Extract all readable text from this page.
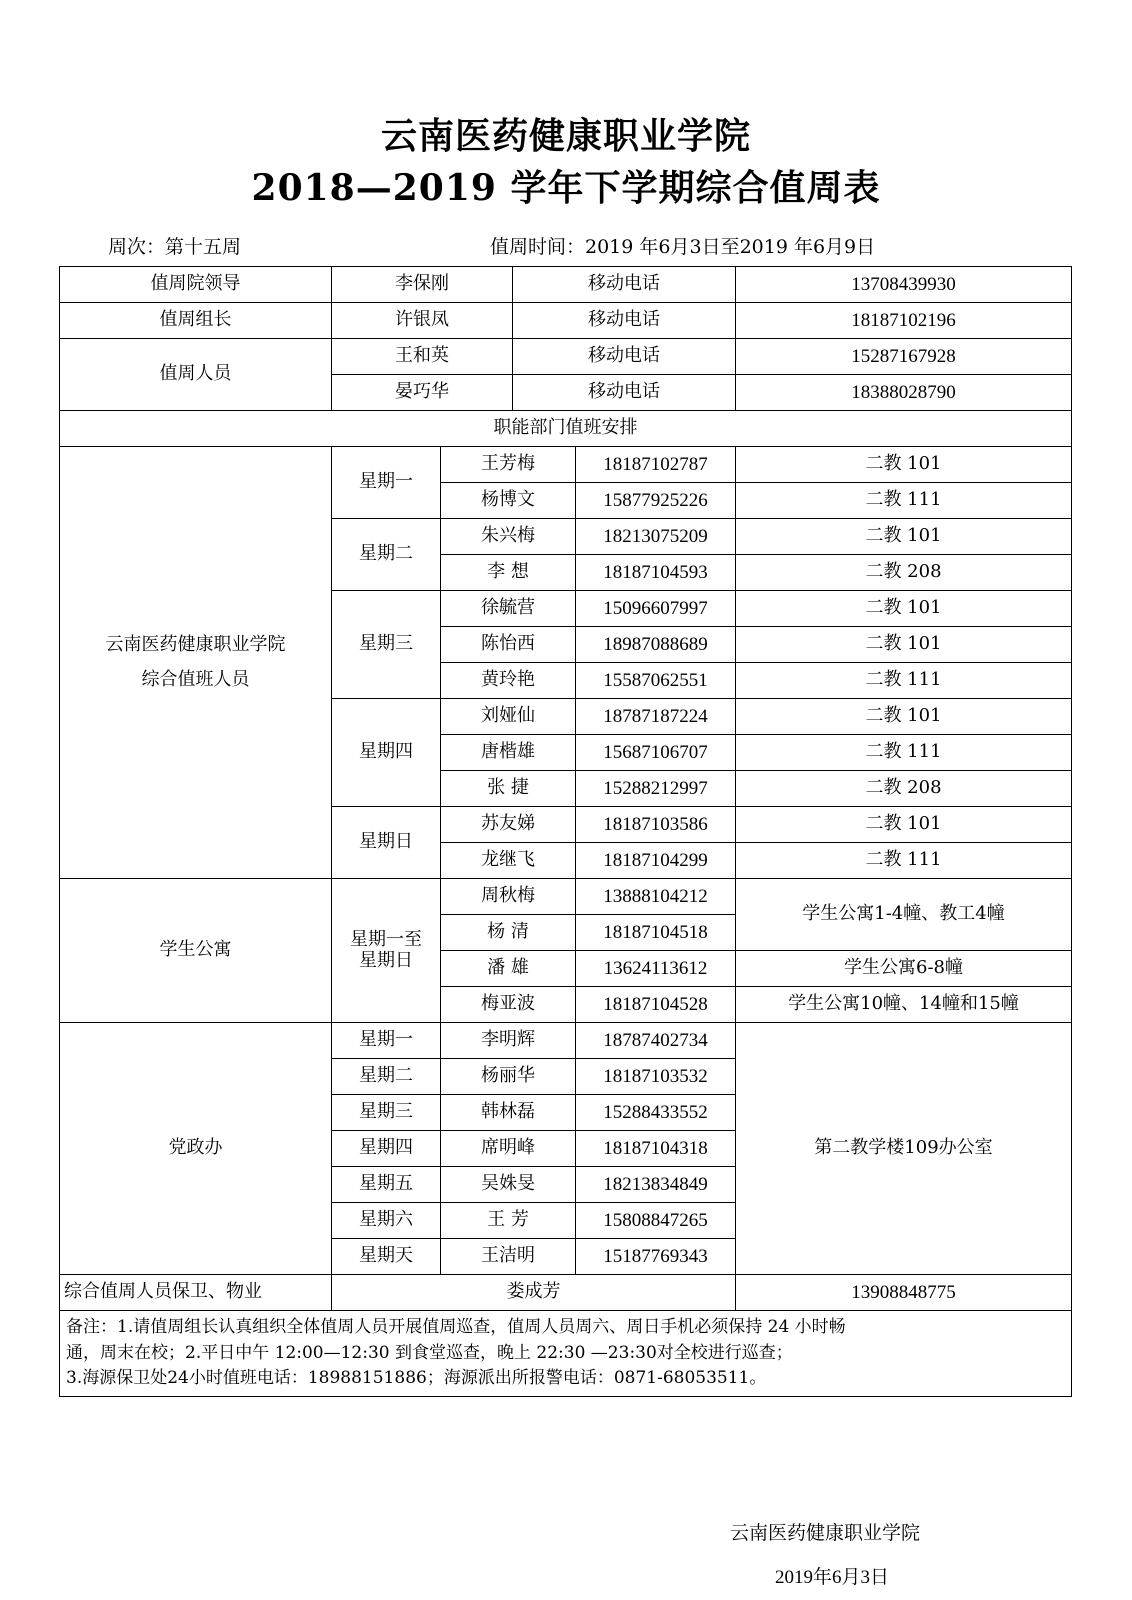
云南医药健康职业学院
2018—2019 学年下学期综合值周表
周次：第十五周	值周时间：2019 年6月3日至2019 年6月9日
值周院领导	李保刚		移动电话		13708439930
值周组长	许银凤		移动电话		18187102196
值周人员	王和英		移动电话		15287167928
	晏巧华		移动电话		18388028790
职能部门值班安排					

云南医药健康职业学院
综合值班人员	星期一	王芳梅		18187102787	二教 101
		杨博文		15877925226	二教 111
	星期二	朱兴梅		18213075209	二教 101
		李 想		18187104593	二教 208
	星期三	徐毓营		15096607997	二教 101
		陈怡西		18987088689	二教 101
		黄玲艳		15587062551	二教 111
	星期四	刘娅仙		18787187224	二教 101
		唐楷雄		15687106707	二教 111
		张 捷		15288212997	二教 208
	星期日	苏友娣		18187103586	二教 101
		龙继飞		18187104299	二教 111
学生公寓	星期一至
星期日	周秋梅		13888104212	学生公寓1-4幢、教工4幢
		杨 清		18187104518	
		潘 雄		13624113612	学生公寓6-8幢
		梅亚波		18187104528	学生公寓10幢、14幢和15幢
党政办	星期一	李明辉		18787402734	第二教学楼109办公室
	星期二	杨丽华		18187103532	
	星期三	韩林磊		15288433552	
	星期四	席明峰		18187104318	
	星期五	吴姝旻		18213834849	
	星期六	王 芳		15808847265	
	星期天	王洁明		15187769343	
综合值周人员保卫、物业	娄成芳				13908848775

备注：1.请值周组长认真组织全体值周人员开展值周巡查，值周人员周六、周日手机必须保持 24 小时畅
通，周末在校；2.平日中午 12:00—12:30 到食堂巡查，晚上 22:30 —23:30对全校进行巡查；
3.海源保卫处24小时值班电话：18988151886；海源派出所报警电话：0871-68053511。					
云南医药健康职业学院
2019年6月3日
